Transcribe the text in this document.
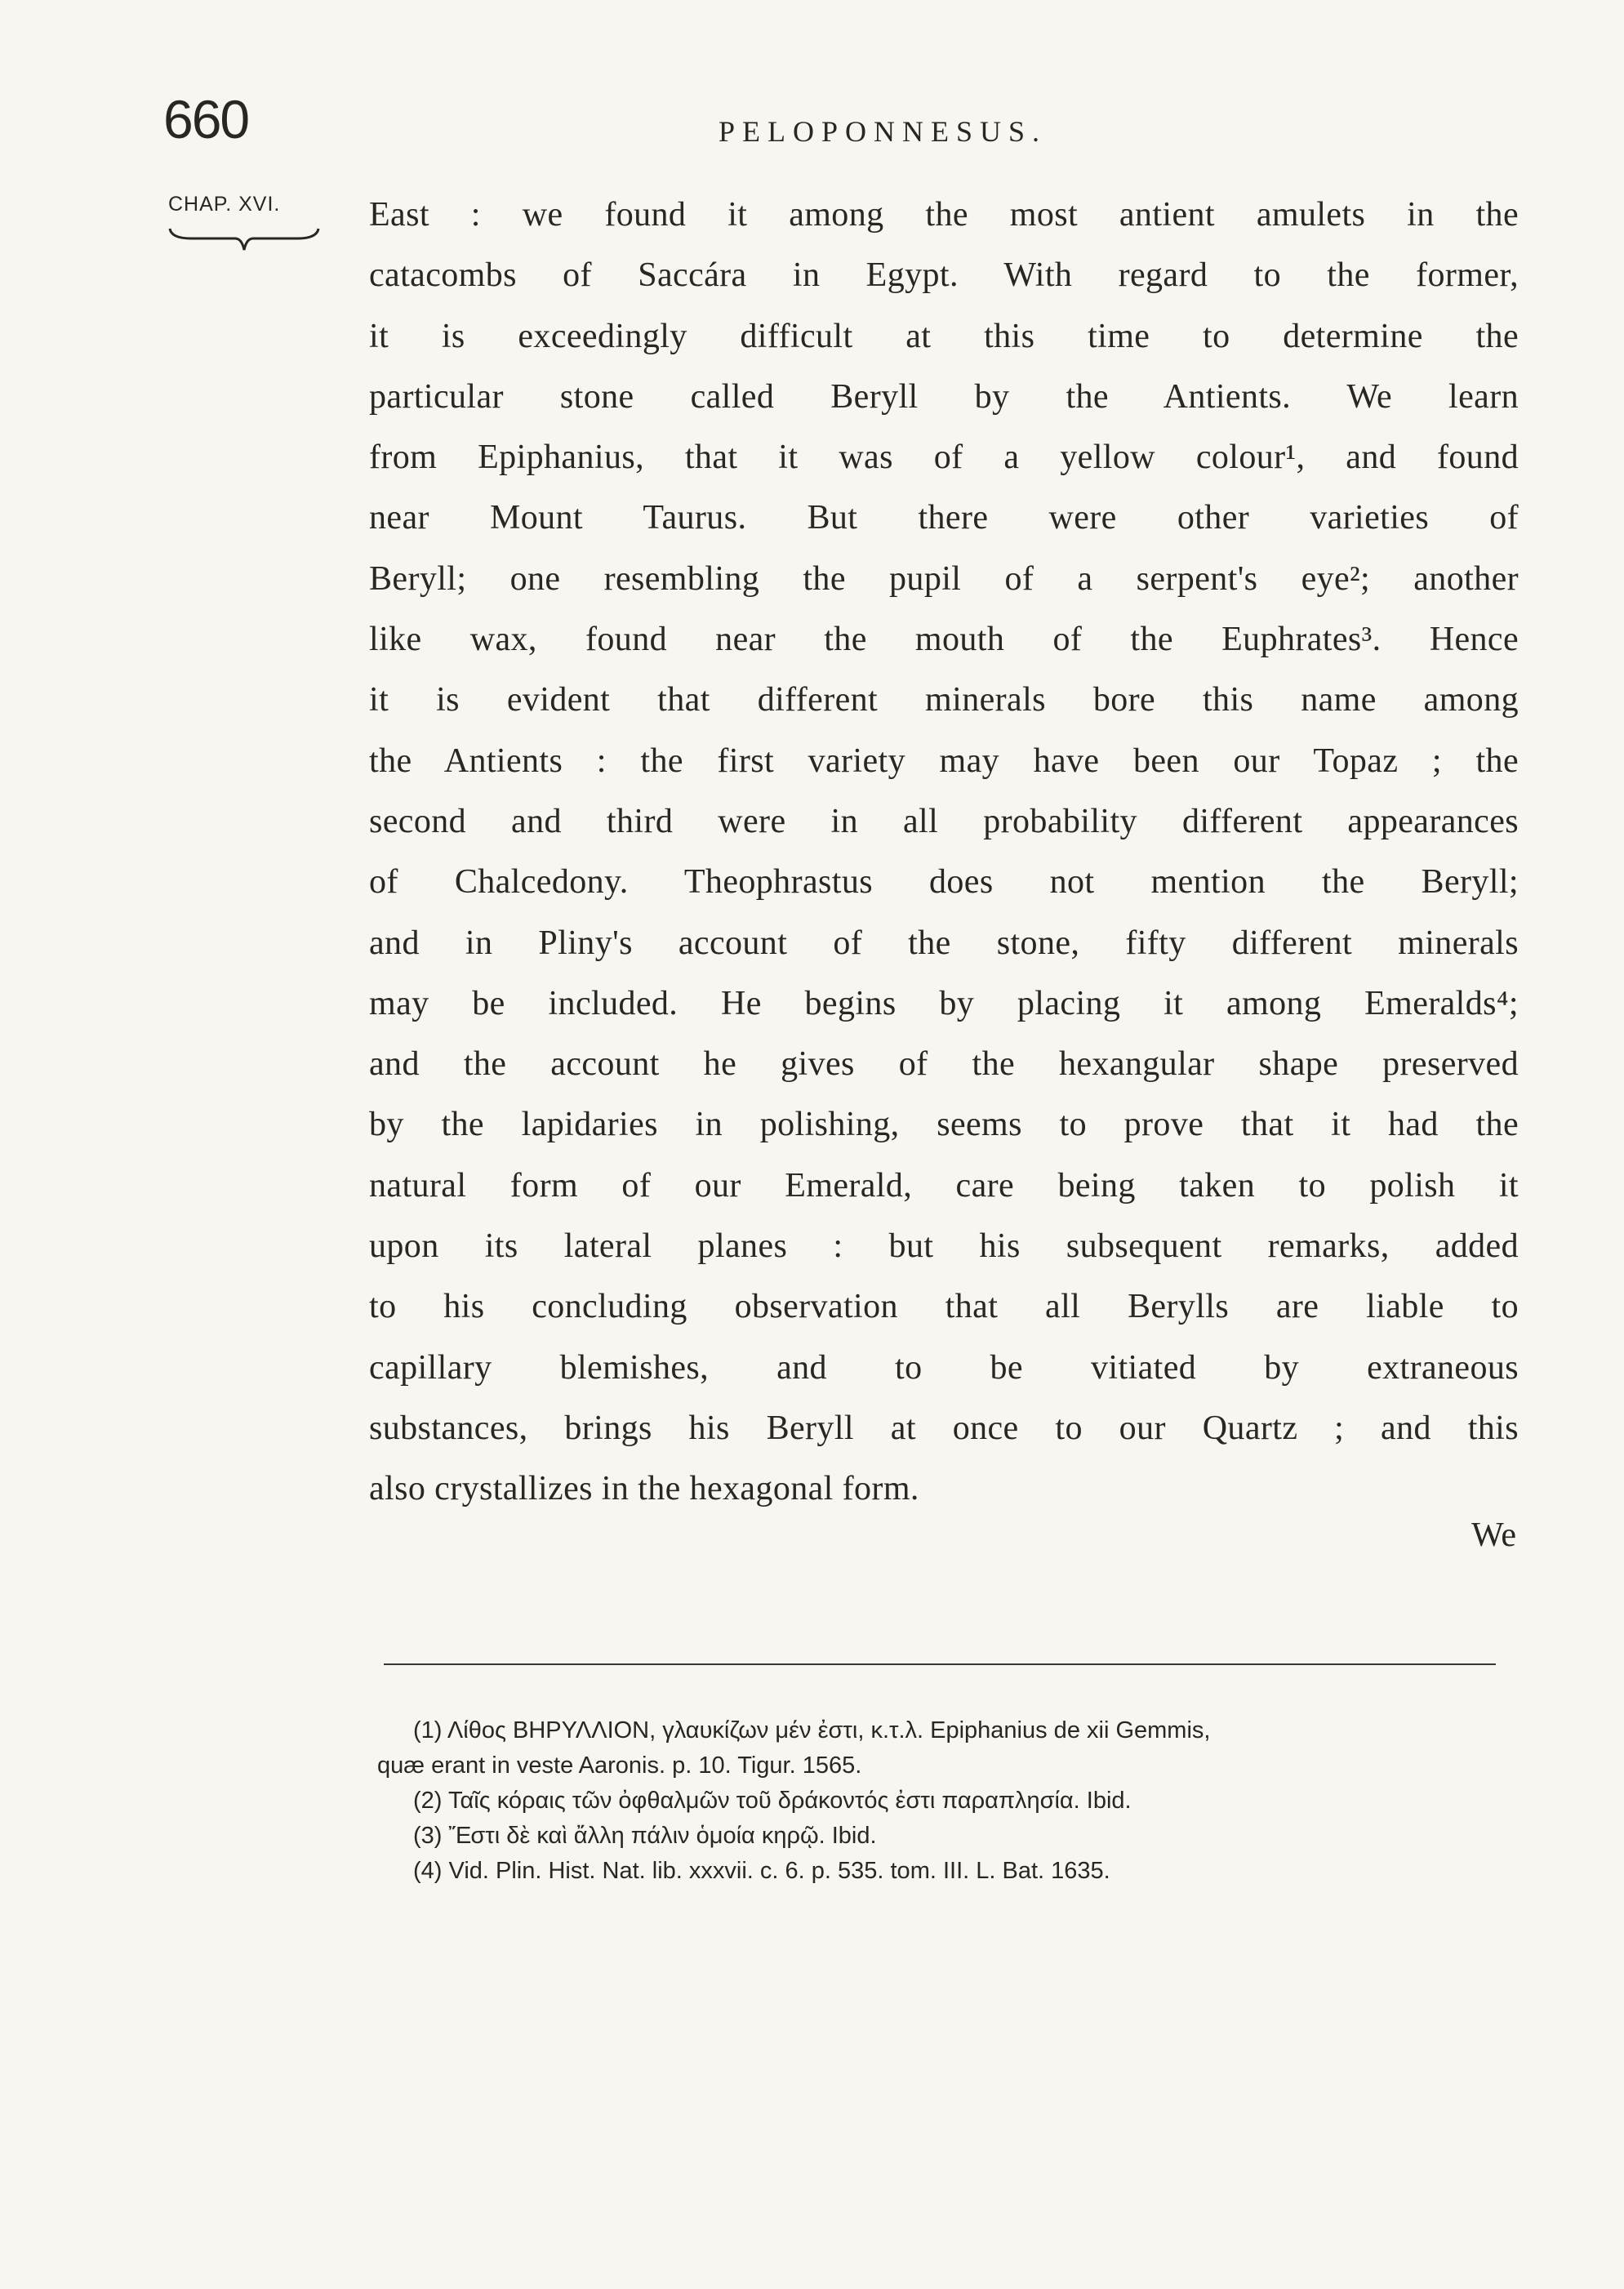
660	PELOPONNESUS.
CHAP. XVI.	East : we found it among the most antient amulets in the
catacombs of Saccára in Egypt. With regard to the former,
it is exceedingly difficult at this time to determine the
particular stone called Beryll by the Antients. We learn
from Epiphanius, that it was of a yellow colour¹, and found
near Mount Taurus. But there were other varieties of
Beryll; one resembling the pupil of a serpent's eye²; another
like wax, found near the mouth of the Euphrates³. Hence
it is evident that different minerals bore this name among
the Antients : the first variety may have been our Topaz ; the
second and third were in all probability different appearances
of Chalcedony. Theophrastus does not mention the Beryll;
and in Pliny's account of the stone, fifty different minerals
may be included. He begins by placing it among Emeralds⁴;
and the account he gives of the hexangular shape preserved
by the lapidaries in polishing, seems to prove that it had the
natural form of our Emerald, care being taken to polish it
upon its lateral planes : but his subsequent remarks, added
to his concluding observation that all Berylls are liable to
capillary blemishes, and to be vitiated by extraneous
substances, brings his Beryll at once to our Quartz ; and this
also crystallizes in the hexagonal form.
We
(1) Λίθος ΒΗΡΥΛΛΙΟΝ, γλαυκίζων μέν ἐστι, κ.τ.λ. Epiphanius de xii Gemmis,
quæ erant in veste Aaronis. p. 10. Tigur. 1565.
(2) Ταῖς κόραις τῶν ὀφθαλμῶν τοῦ δράκοντός ἐστι παραπλησία. Ibid.
(3) Ἔστι δὲ καὶ ἄλλη πάλιν ὁμοία κηρῷ. Ibid.
(4) Vid. Plin. Hist. Nat. lib. xxxvii. c. 6. p. 535. tom. III. L. Bat. 1635.
